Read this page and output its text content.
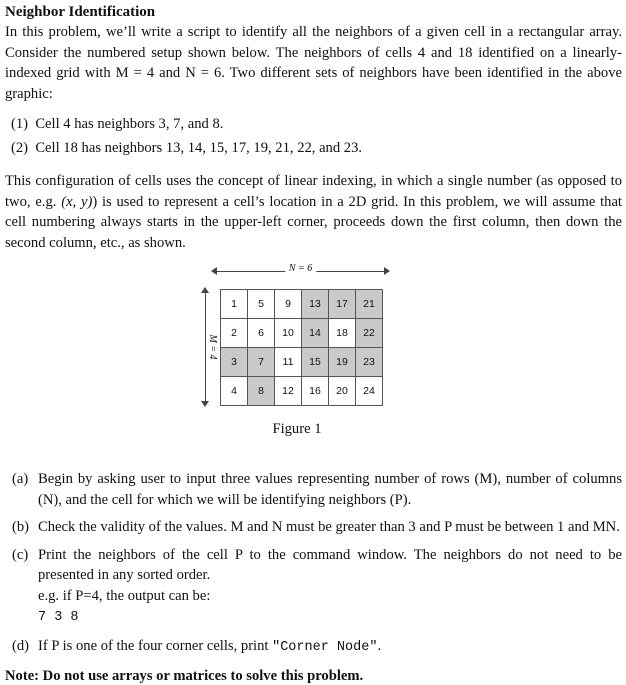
Neighbor Identification

In this problem, we’ll write a script to identify all the neighbors of a given cell in a rectangular array. Consider the numbered setup shown below. The neighbors of cells 4 and 18 identified on a linearly-indexed grid with M = 4 and N = 6. Two different sets of neighbors have been identified in the above graphic:

(1) Cell 4 has neighbors 3, 7, and 8.
(2) Cell 18 has neighbors 13, 14, 15, 17, 19, 21, 22, and 23.

This configuration of cells uses the concept of linear indexing, in which a single number (as opposed to two, e.g. (x, y)) is used to represent a cell’s location in a 2D grid. In this problem, we will assume that cell numbering always starts in the upper-left corner, proceeds down the first column, then down the second column, etc., as shown.

N = 6
M = 4
1	5	9	13	17	21
2	6	10	14	18	22
3	7	11	15	19	23
4	8	12	16	20	24
Figure 1
(a) Begin by asking user to input three values representing number of rows (M), number of columns (N), and the cell for which we will be identifying neighbors (P).
(b) Check the validity of the values. M and N must be greater than 3 and P must be between 1 and MN.
(c) Print the neighbors of the cell P to the command window. The neighbors do not need to be presented in any sorted order.
e.g. if P=4, the output can be:
7 3 8
(d) If P is one of the four corner cells, print "Corner Node".
Note: Do not use arrays or matrices to solve this problem.
